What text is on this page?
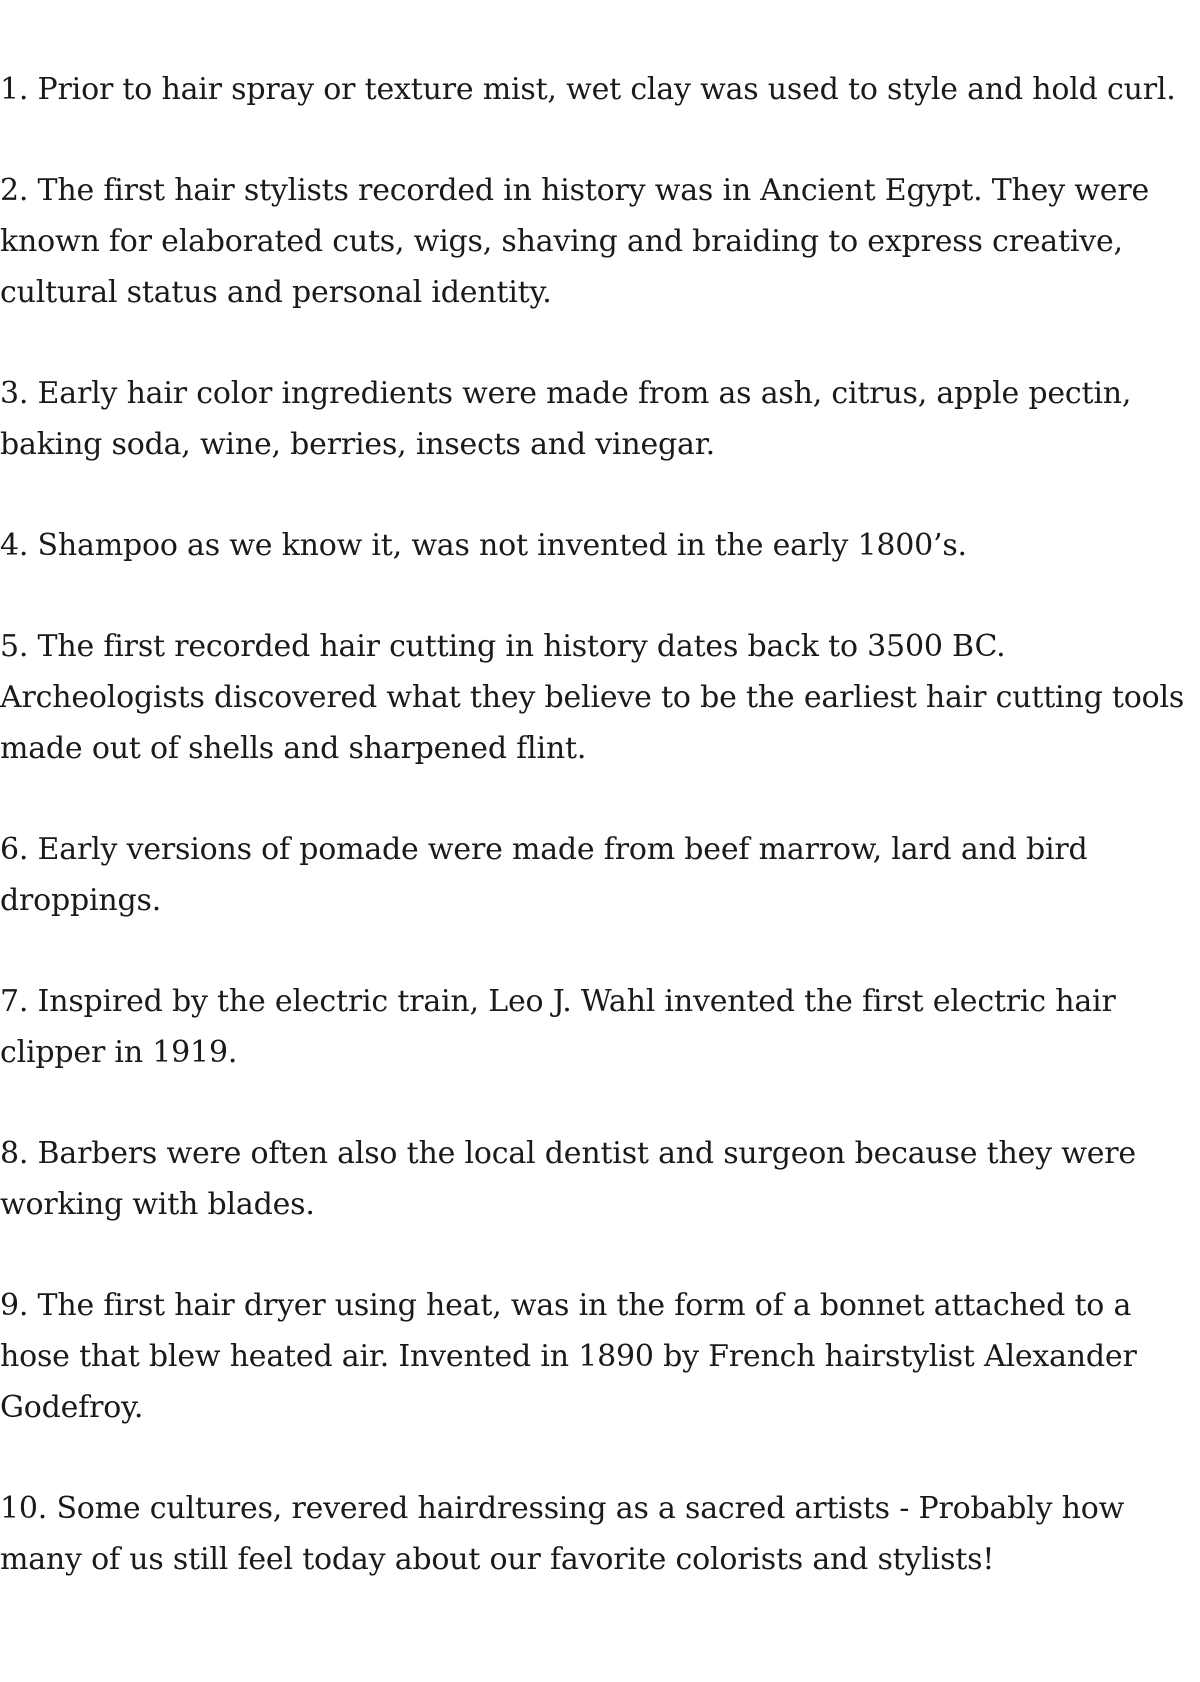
1. Prior to hair spray or texture mist, wet clay was used to style and hold curl.

2. The first hair stylists recorded in history was in Ancient Egypt. They were known for elaborated cuts, wigs, shaving and braiding to express creative, cultural status and personal identity.

3. Early hair color ingredients were made from as ash, citrus, apple pectin, baking soda, wine, berries, insects and vinegar.

4. Shampoo as we know it, was not invented in the early 1800’s.

5. The first recorded hair cutting in history dates back to 3500 BC. Archeologists discovered what they believe to be the earliest hair cutting tools made out of shells and sharpened flint.

6. Early versions of pomade were made from beef marrow, lard and bird droppings.

7. Inspired by the electric train, Leo J. Wahl invented the first electric hair clipper in 1919.

8. Barbers were often also the local dentist and surgeon because they were working with blades.

9. The first hair dryer using heat, was in the form of a bonnet attached to a hose that blew heated air. Invented in 1890 by French hairstylist Alexander Godefroy.

10. Some cultures, revered hairdressing as a sacred artists - Probably how many of us still feel today about our favorite colorists and stylists!
